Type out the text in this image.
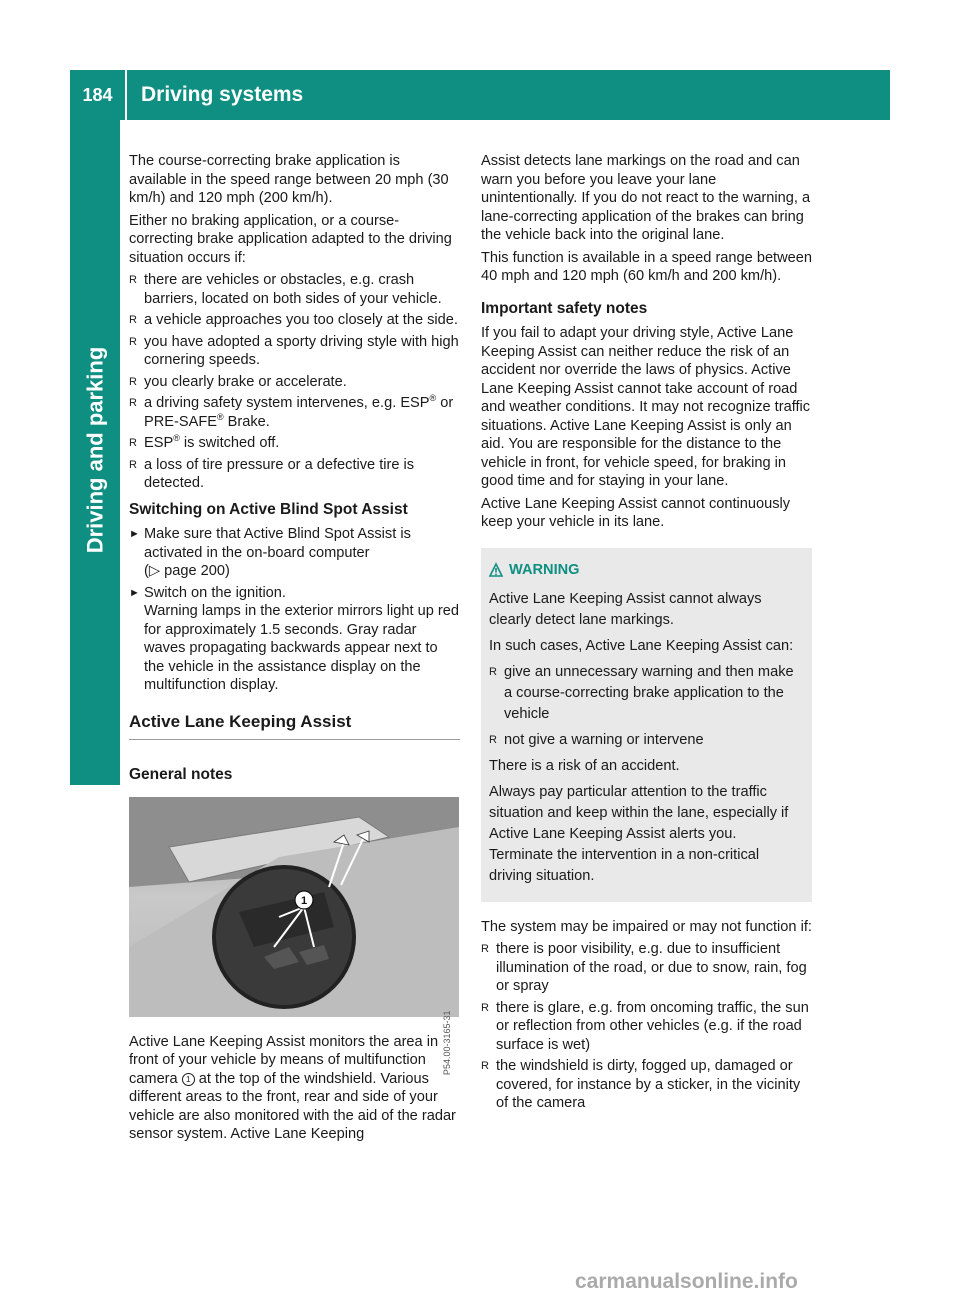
184	Driving systems
Driving and parking

The course-correcting brake application is available in the speed range between 20 mph (30 km/h) and 120 mph (200 km/h).

Either no braking application, or a course-correcting brake application adapted to the driving situation occurs if:

R there are vehicles or obstacles, e.g. crash barriers, located on both sides of your vehicle.
R a vehicle approaches you too closely at the side.
R you have adopted a sporty driving style with high cornering speeds.
R you clearly brake or accelerate.
R a driving safety system intervenes, e.g. ESP® or PRE-SAFE® Brake.
R ESP® is switched off.
R a loss of tire pressure or a defective tire is detected.
Switching on Active Blind Spot Assist
► Make sure that Active Blind Spot Assist is activated in the on-board computer
(▷ page 200)
► Switch on the ignition.
Warning lamps in the exterior mirrors light up red for approximately 1.5 seconds. Gray radar waves propagating backwards appear next to the vehicle in the assistance display on the multifunction display.
Active Lane Keeping Assist
General notes
1
P54.00-3165-31

Active Lane Keeping Assist monitors the area in front of your vehicle by means of multifunction camera 1 at the top of the windshield. Various different areas to the front, rear and side of your vehicle are also monitored with the aid of the radar sensor system. Active Lane Keeping

Assist detects lane markings on the road and can warn you before you leave your lane unintentionally. If you do not react to the warning, a lane-correcting application of the brakes can bring the vehicle back into the original lane.

This function is available in a speed range between 40 mph and 120 mph (60 km/h and 200 km/h).

Important safety notes

If you fail to adapt your driving style, Active Lane Keeping Assist can neither reduce the risk of an accident nor override the laws of physics. Active Lane Keeping Assist cannot take account of road and weather conditions. It may not recognize traffic situations. Active Lane Keeping Assist is only an aid. You are responsible for the distance to the vehicle in front, for vehicle speed, for braking in good time and for staying in your lane.

Active Lane Keeping Assist cannot continuously keep your vehicle in its lane.

WARNING

Active Lane Keeping Assist cannot always clearly detect lane markings.

In such cases, Active Lane Keeping Assist can:

R give an unnecessary warning and then make a course-correcting brake application to the vehicle
R not give a warning or intervene

There is a risk of an accident.

Always pay particular attention to the traffic situation and keep within the lane, especially if Active Lane Keeping Assist alerts you. Terminate the intervention in a non-critical driving situation.

The system may be impaired or may not function if:

R there is poor visibility, e.g. due to insufficient illumination of the road, or due to snow, rain, fog or spray
R there is glare, e.g. from oncoming traffic, the sun or reflection from other vehicles (e.g. if the road surface is wet)
R the windshield is dirty, fogged up, damaged or covered, for instance by a sticker, in the vicinity of the camera
carmanualsonline.info
